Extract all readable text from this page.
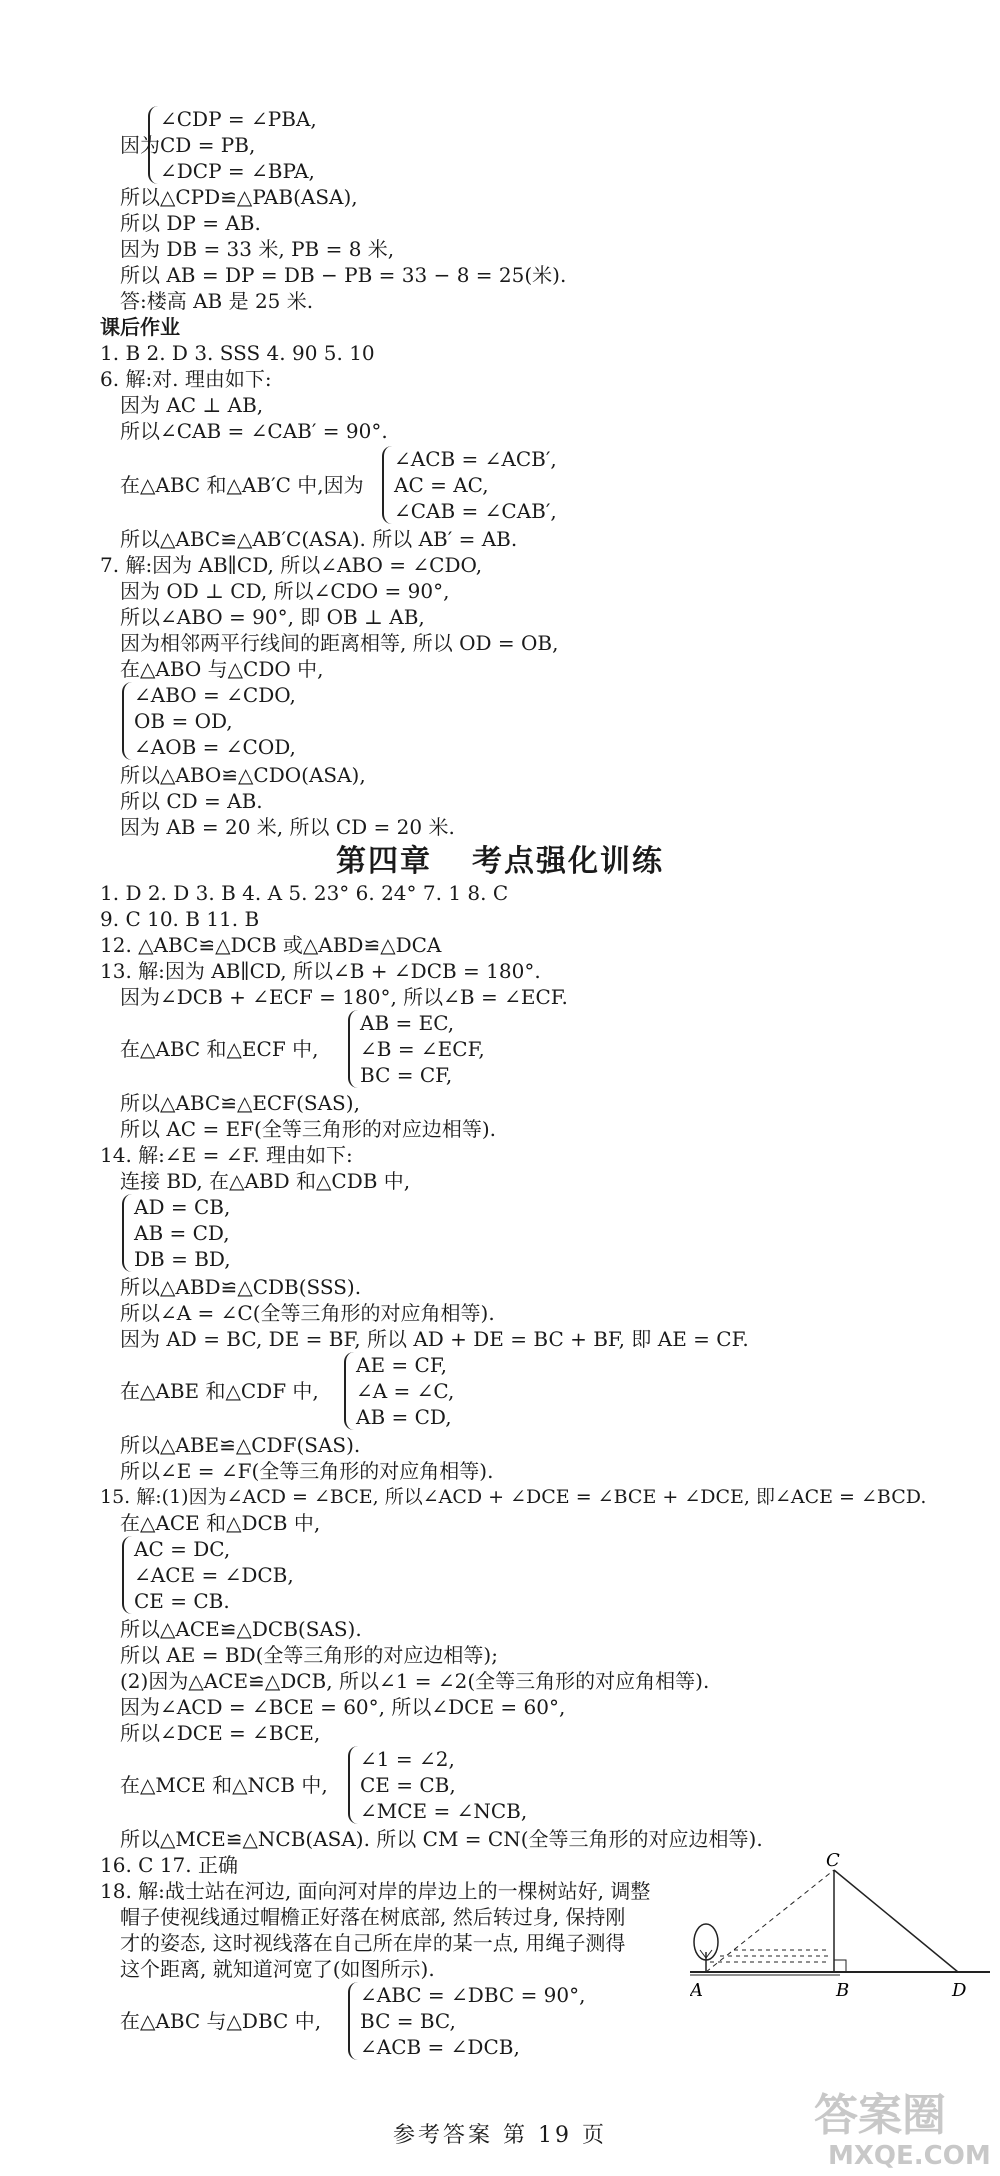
∠CDP = ∠PBA,
因为 CD = PB,
∠DCP = ∠BPA,
所以△CPD≌△PAB(ASA),
所以 DP = AB.
因为 DB = 33 米, PB = 8 米,
所以 AB = DP = DB − PB = 33 − 8 = 25(米).
答:楼高 AB 是 25 米.
课后作业
1. B 2. D 3. SSS 4. 90 5. 10
6. 解:对. 理由如下:
因为 AC ⊥ AB,
所以∠CAB = ∠CAB′ = 90°.
∠ACB = ∠ACB′,
在△ABC 和△AB′C 中,因为 AC = AC,
∠CAB = ∠CAB′,
所以△ABC≌△AB′C(ASA). 所以 AB′ = AB.
7. 解:因为 AB∥CD, 所以∠ABO = ∠CDO,
因为 OD ⊥ CD, 所以∠CDO = 90°,
所以∠ABO = 90°, 即 OB ⊥ AB,
因为相邻两平行线间的距离相等, 所以 OD = OB,
在△ABO 与△CDO 中,
∠ABO = ∠CDO,
OB = OD,
∠AOB = ∠COD,
所以△ABO≌△CDO(ASA),
所以 CD = AB.
因为 AB = 20 米, 所以 CD = 20 米.
第四章 考点强化训练
1. D 2. D 3. B 4. A 5. 23° 6. 24° 7. 1 8. C
9. C 10. B 11. B
12. △ABC≌△DCB 或△ABD≌△DCA
13. 解:因为 AB∥CD, 所以∠B + ∠DCB = 180°.
因为∠DCB + ∠ECF = 180°, 所以∠B = ∠ECF.
AB = EC,
在△ABC 和△ECF 中, ∠B = ∠ECF,
BC = CF,
所以△ABC≌△ECF(SAS),
所以 AC = EF(全等三角形的对应边相等).
14. 解:∠E = ∠F. 理由如下:
连接 BD, 在△ABD 和△CDB 中,
AD = CB,
AB = CD,
DB = BD,
所以△ABD≌△CDB(SSS).
所以∠A = ∠C(全等三角形的对应角相等).
因为 AD = BC, DE = BF, 所以 AD + DE = BC + BF, 即 AE = CF.
AE = CF,
在△ABE 和△CDF 中, ∠A = ∠C,
AB = CD,
所以△ABE≌△CDF(SAS).
所以∠E = ∠F(全等三角形的对应角相等).
15. 解:(1)因为∠ACD = ∠BCE, 所以∠ACD + ∠DCE = ∠BCE + ∠DCE, 即∠ACE = ∠BCD.
在△ACE 和△DCB 中,
AC = DC,
∠ACE = ∠DCB,
CE = CB.
所以△ACE≌△DCB(SAS).
所以 AE = BD(全等三角形的对应边相等);
(2)因为△ACE≌△DCB, 所以∠1 = ∠2(全等三角形的对应角相等).
因为∠ACD = ∠BCE = 60°, 所以∠DCE = 60°,
所以∠DCE = ∠BCE,
∠1 = ∠2,
在△MCE 和△NCB 中, CE = CB,
∠MCE = ∠NCB,
所以△MCE≌△NCB(ASA). 所以 CM = CN(全等三角形的对应边相等).
16. C 17. 正确
18. 解:战士站在河边, 面向河对岸的岸边上的一棵树站好, 调整
帽子使视线通过帽檐正好落在树底部, 然后转过身, 保持刚
才的姿态, 这时视线落在自己所在岸的某一点, 用绳子测得
这个距离, 就知道河宽了(如图所示).
∠ABC = ∠DBC = 90°,
在△ABC 与△DBC 中, BC = BC,
∠ACB = ∠DCB,
A	B
C
D
参考答案 第 19 页	答案圈
MXQE.COM
